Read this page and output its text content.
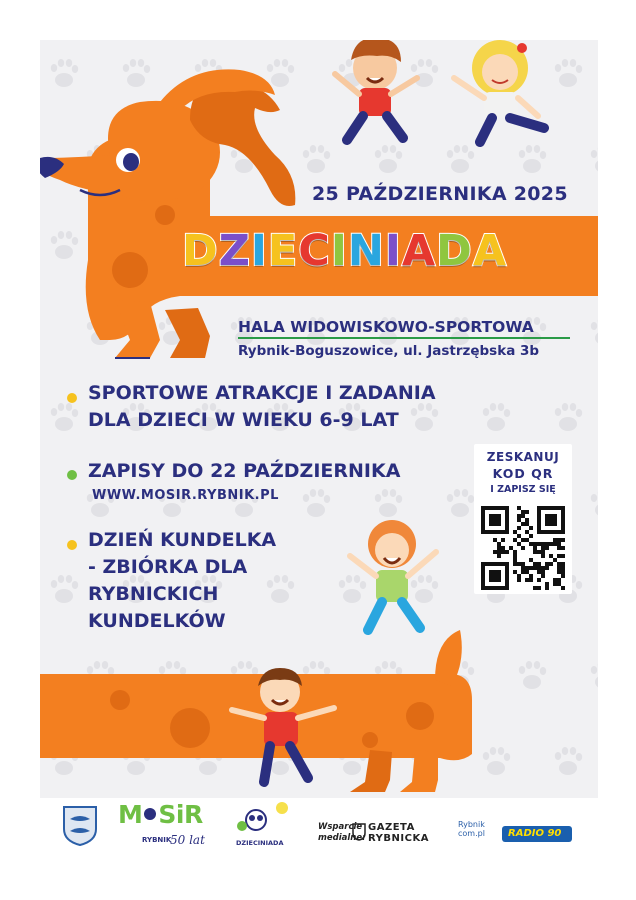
25 PAŹDZIERNIKA 2025
DZIECINIADA
HALA WIDOWISKOWO-SPORTOWA
Rybnik-Boguszowice, ul. Jastrzębska 3b
SPORTOWE ATRAKCJE I ZADANIA
DLA DZIECI W WIEKU 6-9 LAT
ZAPISY DO 22 PAŹDZIERNIKA
WWW.MOSIR.RYBNIK.PL
DZIEŃ KUNDELKA
- ZBIÓRKA DLA
RYBNICKICH
KUNDELKÓW
ZESKANUJ
KOD QR
I ZAPISZ SIĘ
M SiR
RYBNIK
50 lat	DZIECINIADA
Wsparcie
medialne:
GAZETA
RYBNICKA
Rybnik
com.pl	RADIO 90
